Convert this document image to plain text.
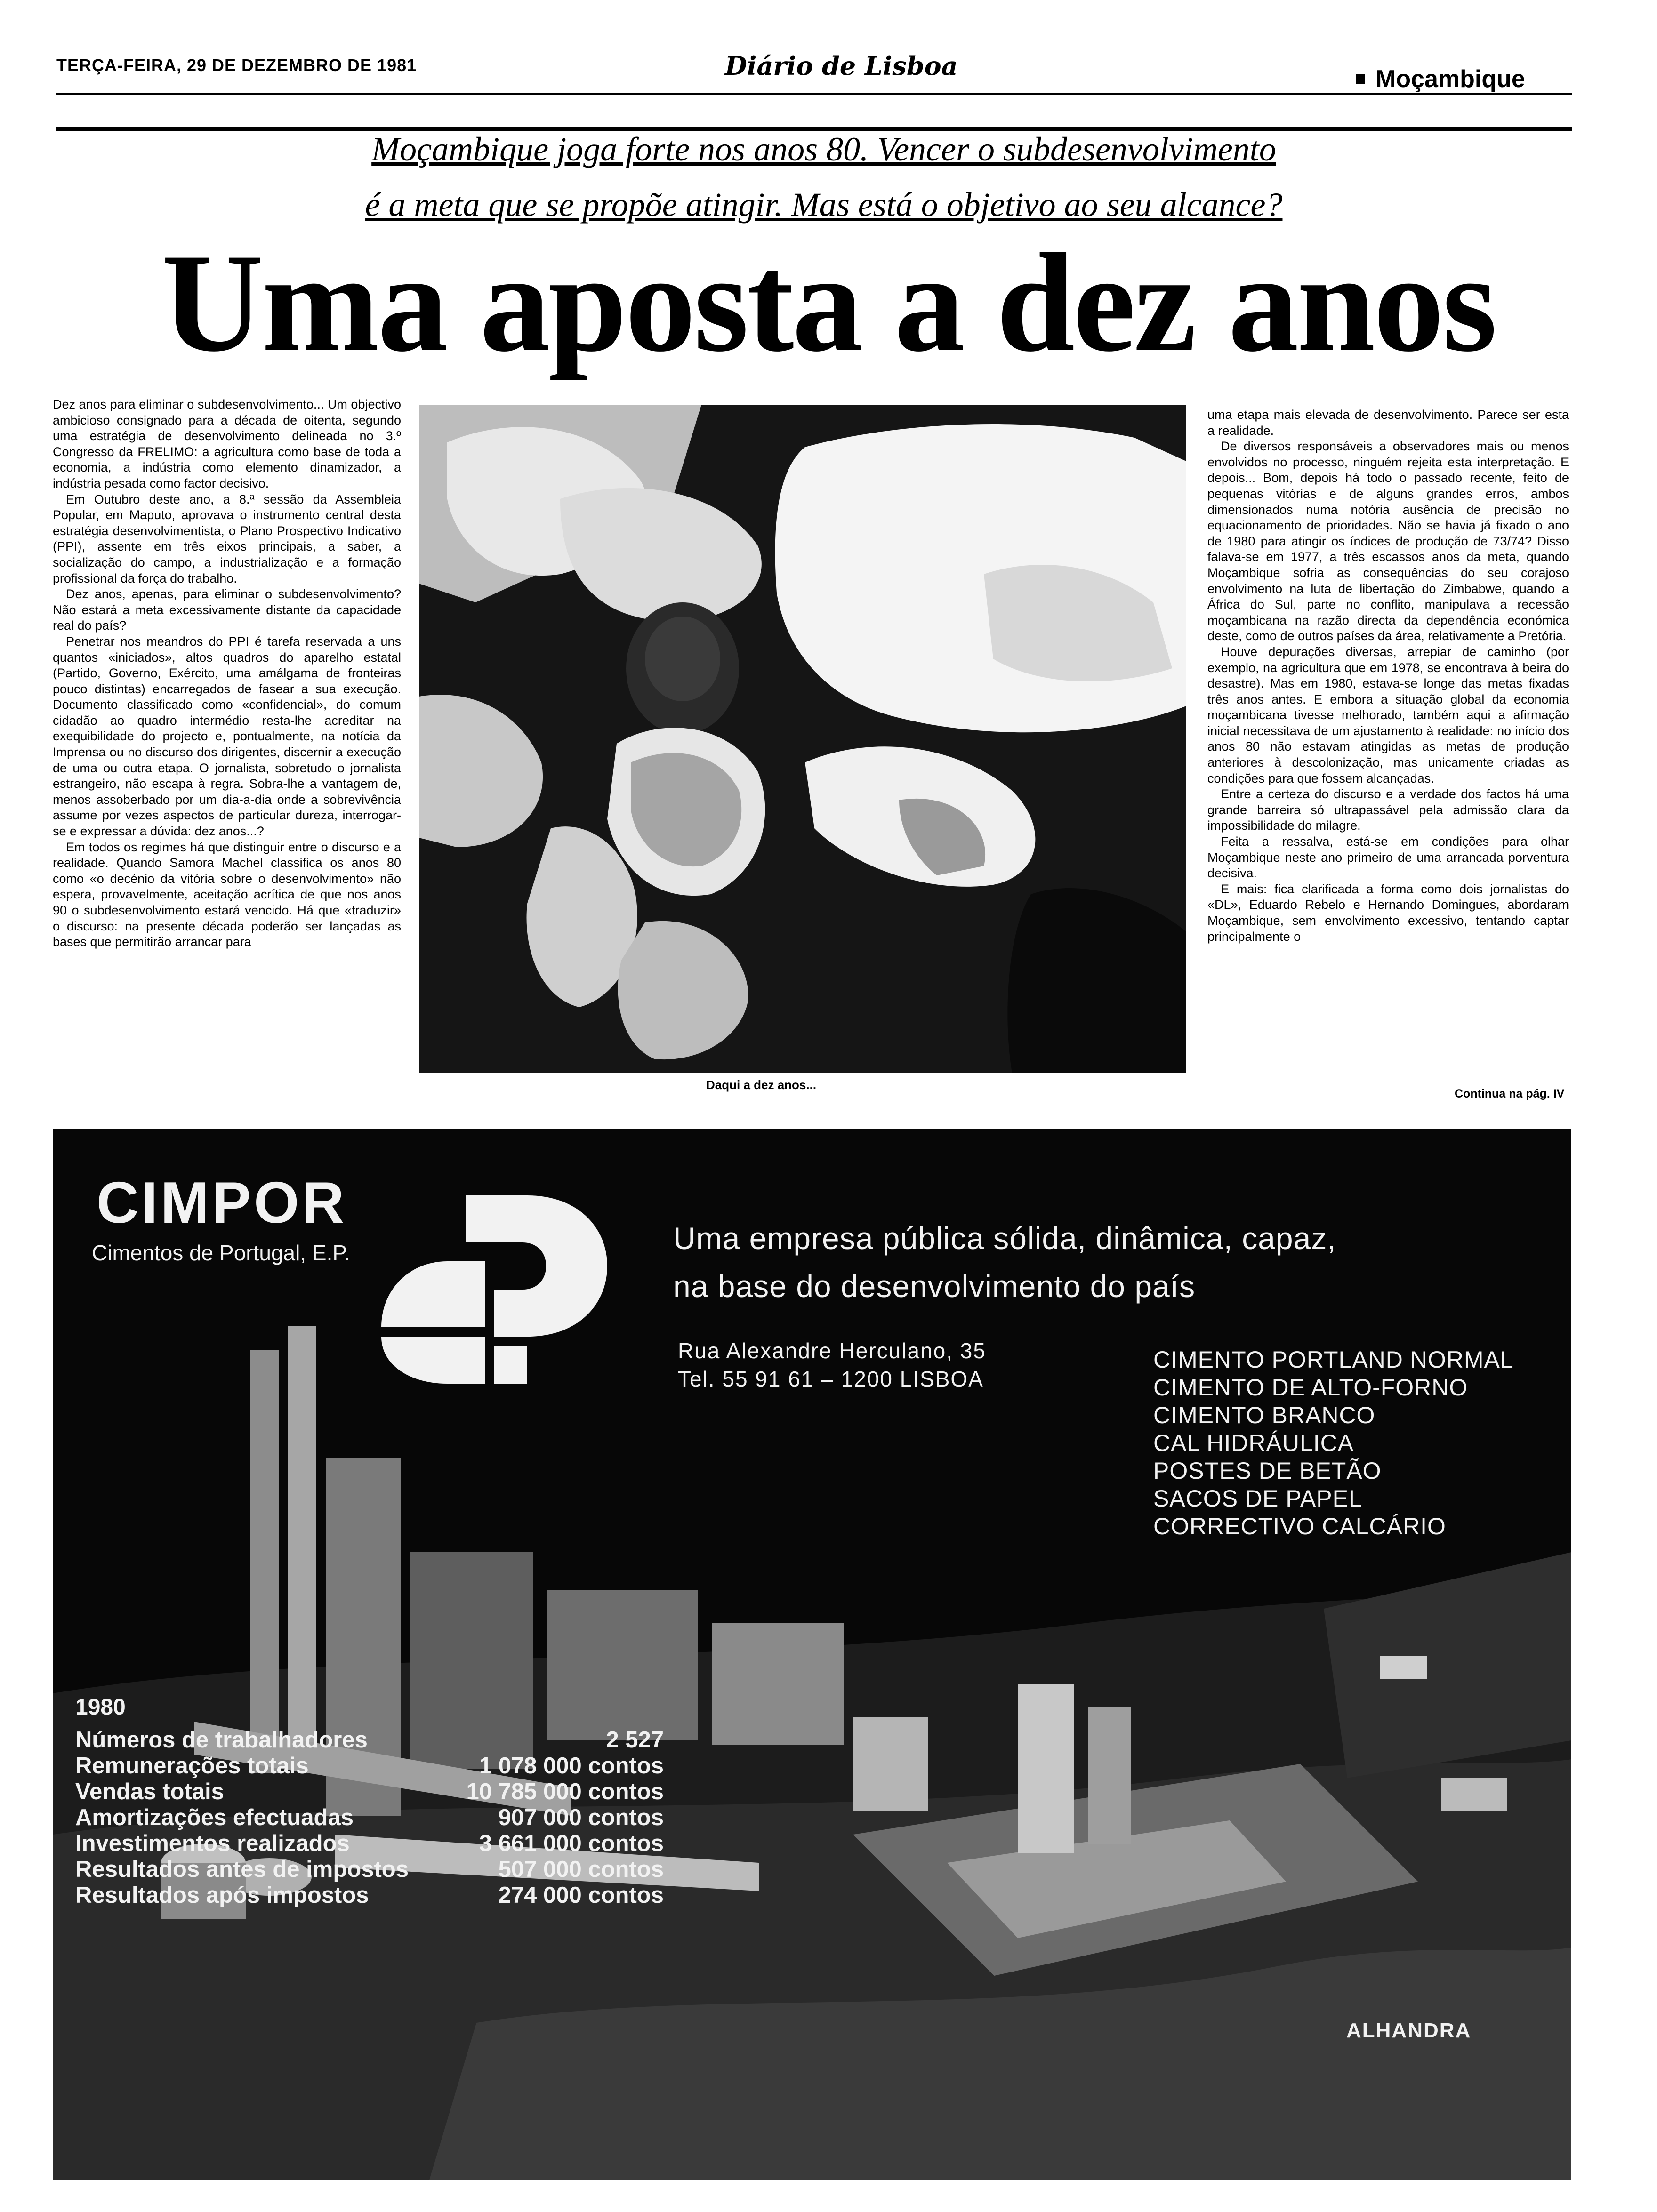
TERÇA-FEIRA, 29 DE DEZEMBRO DE 1981	Diário de Lisboa	Moçambique
Moçambique joga forte nos anos 80. Vencer o subdesenvolvimento
é a meta que se propõe atingir. Mas está o objetivo ao seu alcance?
Uma aposta a dez anos

Dez anos para eliminar o subdesenvolvimento... Um objectivo ambicioso consignado para a década de oitenta, segundo uma estratégia de desenvolvimento delineada no 3.º Congresso da FRELIMO: a agricultura como base de toda a economia, a indústria como elemento dinamizador, a indústria pesada como factor decisivo.

Em Outubro deste ano, a 8.ª sessão da Assembleia Popular, em Maputo, aprovava o instrumento central desta estratégia desenvolvimentista, o Plano Prospectivo Indicativo (PPI), assente em três eixos principais, a saber, a socialização do campo, a industrialização e a formação profissional da força do trabalho.

Dez anos, apenas, para eliminar o subdesenvolvimento? Não estará a meta excessivamente distante da capacidade real do país?

Penetrar nos meandros do PPI é tarefa reservada a uns quantos «iniciados», altos quadros do aparelho estatal (Partido, Governo, Exército, uma amálgama de fronteiras pouco distintas) encarregados de fasear a sua execução. Documento classificado como «confidencial», do comum cidadão ao quadro intermédio resta-lhe acreditar na exequibilidade do projecto e, pontualmente, na notícia da Imprensa ou no discurso dos dirigentes, discernir a execução de uma ou outra etapa. O jornalista, sobretudo o jornalista estrangeiro, não escapa à regra. Sobra-lhe a vantagem de, menos assoberbado por um dia-a-dia onde a sobrevivência assume por vezes aspectos de particular dureza, interrogar-se e expressar a dúvida: dez anos...?

Em todos os regimes há que distinguir entre o discurso e a realidade. Quando Samora Machel classifica os anos 80 como «o decénio da vitória sobre o desenvolvimento» não espera, provavelmente, aceitação acrítica de que nos anos 90 o subdesenvolvimento estará vencido. Há que «traduzir» o discurso: na presente década poderão ser lançadas as bases que permitirão arrancar para

Daqui a dez anos...

uma etapa mais elevada de desenvolvimento. Parece ser esta a realidade.

De diversos responsáveis a observadores mais ou menos envolvidos no processo, ninguém rejeita esta interpretação. E depois... Bom, depois há todo o passado recente, feito de pequenas vitórias e de alguns grandes erros, ambos dimensionados numa notória ausência de precisão no equacionamento de prioridades. Não se havia já fixado o ano de 1980 para atingir os índices de produção de 73/74? Disso falava-se em 1977, a três escassos anos da meta, quando Moçambique sofria as consequências do seu corajoso envolvimento na luta de libertação do Zimbabwe, quando a África do Sul, parte no conflito, manipulava a recessão moçambicana na razão directa da dependência económica deste, como de outros países da área, relativamente a Pretória.

Houve depurações diversas, arrepiar de caminho (por exemplo, na agricultura que em 1978, se encontrava à beira do desastre). Mas em 1980, estava-se longe das metas fixadas três anos antes. E embora a situação global da economia moçambicana tivesse melhorado, também aqui a afirmação inicial necessitava de um ajustamento à realidade: no início dos anos 80 não estavam atingidas as metas de produção anteriores à descolonização, mas unicamente criadas as condições para que fossem alcançadas.

Entre a certeza do discurso e a verdade dos factos há uma grande barreira só ultrapassável pela admissão clara da impossibilidade do milagre.

Feita a ressalva, está-se em condições para olhar Moçambique neste ano primeiro de uma arrancada porventura decisiva.

E mais: fica clarificada a forma como dois jornalistas do «DL», Eduardo Rebelo e Hernando Domingues, abordaram Moçambique, sem envolvimento excessivo, tentando captar principalmente o

Continua na pág. IV
CIMPOR
Cimentos de Portugal, E.P.	Uma empresa pública sólida, dinâmica, capaz,
na base do desenvolvimento do país
Rua Alexandre Herculano, 35
Tel. 55 91 61 – 1200 LISBOA
CIMENTO PORTLAND NORMAL
CIMENTO DE ALTO-FORNO
CIMENTO BRANCO
CAL HIDRÁULICA
POSTES DE BETÃO
SACOS DE PAPEL
CORRECTIVO CALCÁRIO
1980
Números de trabalhadores	2 527
Remunerações totais	1 078 000 contos
Vendas totais	10 785 000 contos
Amortizações efectuadas	907 000 contos
Investimentos realizados	3 661 000 contos
Resultados antes de impostos	507 000 contos
Resultados após impostos	274 000 contos
ALHANDRA
